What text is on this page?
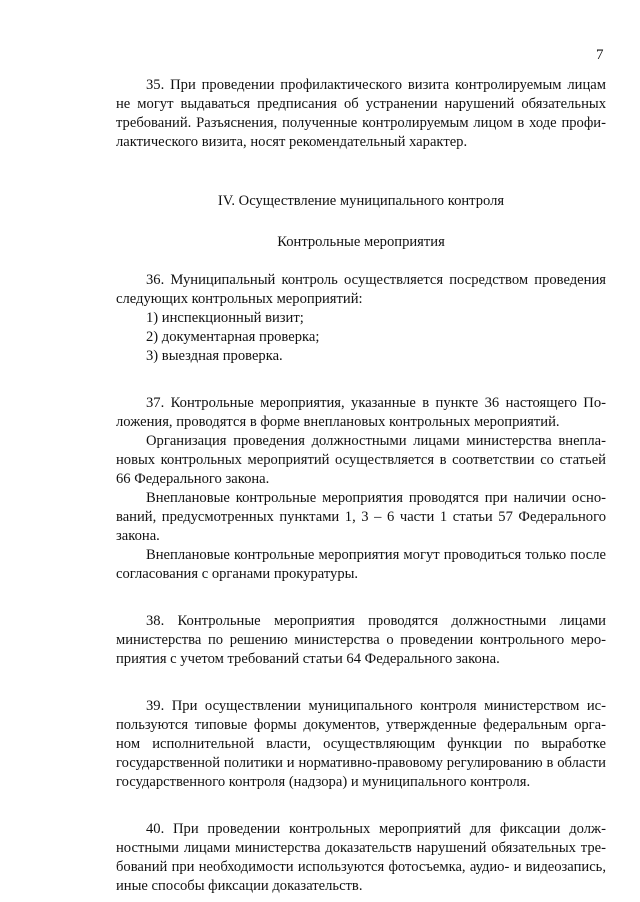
7

35. При проведении профилактического визита контролируемым лицам не могут выдаваться предписания об устранении нарушений обязательных требований. Разъяснения, полученные контролируемым лицом в ходе профилактического визита, носят рекомендательный характер.

IV. Осуществление муниципального контроля

Контрольные мероприятия

36. Муниципальный контроль осуществляется посредством проведения следующих контрольных мероприятий:

1) инспекционный визит;

2) документарная проверка;

3) выездная проверка.

37. Контрольные мероприятия, указанные в пункте 36 настоящего Положения, проводятся в форме внеплановых контрольных мероприятий.

Организация проведения должностными лицами министерства внеплановых контрольных мероприятий осуществляется в соответствии со статьей 66 Федерального закона.

Внеплановые контрольные мероприятия проводятся при наличии оснований, предусмотренных пунктами 1, 3 – 6 части 1 статьи 57 Федерального закона.

Внеплановые контрольные мероприятия могут проводиться только после согласования с органами прокуратуры.

38. Контрольные мероприятия проводятся должностными лицами министерства по решению министерства о проведении контрольного мероприятия с учетом требований статьи 64 Федерального закона.

39. При осуществлении муниципального контроля министерством используются типовые формы документов, утвержденные федеральным органом исполнительной власти, осуществляющим функции по выработке государственной политики и нормативно-правовому регулированию в области государственного контроля (надзора) и муниципального контроля.

40. При проведении контрольных мероприятий для фиксации должностными лицами министерства доказательств нарушений обязательных требований при необходимости используются фотосъемка, аудио- и видеозапись, иные способы фиксации доказательств.
